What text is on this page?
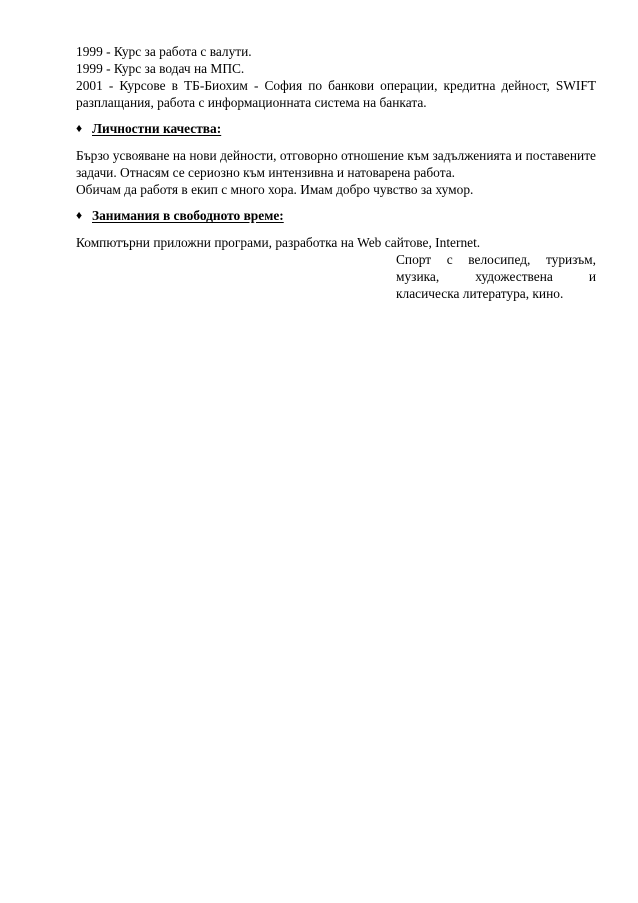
1999 - Курс за работа с валути.
1999 - Курс за водач на МПС.
2001 - Курсове в ТБ-Биохим - София по банкови операции, кредитна дейност, SWIFT разплащания, работа с информационната система на банката.
♦ Личностни качества:
Бързо усвояване на нови дейности, отговорно отношение към задълженията и поставените задачи. Отнасям се сериозно към интензивна и натоварена работа.
Обичам да работя в екип с много хора. Имам добро чувство за хумор.
♦ Занимания в свободното време:
Компютърни приложни програми, разработка на Web сайтове, Internet.
Спорт с велосипед, туризъм,
музика, художествена и
класическа литература, кино.
